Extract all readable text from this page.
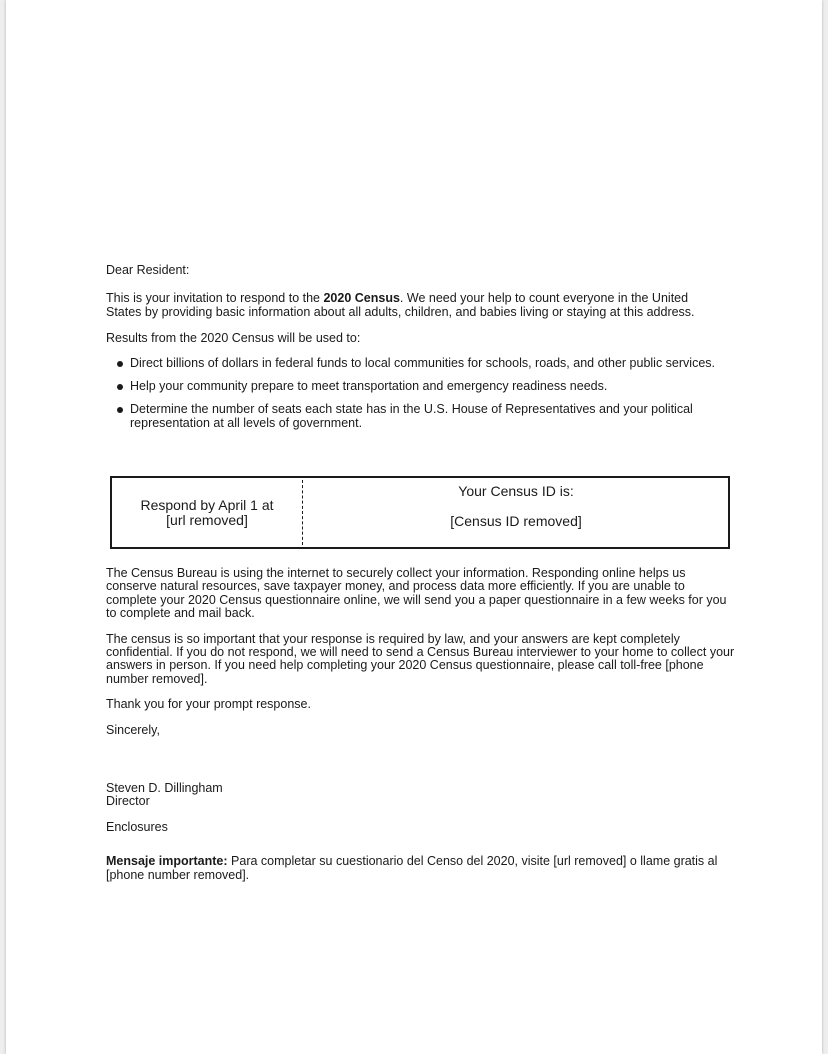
Dear Resident:

This is your invitation to respond to the 2020 Census. We need your help to count everyone in the United States by providing basic information about all adults, children, and babies living or staying at this address.

Results from the 2020 Census will be used to:

Direct billions of dollars in federal funds to local communities for schools, roads, and other public services.
Help your community prepare to meet transportation and emergency readiness needs.
Determine the number of seats each state has in the U.S. House of Representatives and your political representation at all levels of government.
Respond by April 1 at
[url removed]
Your Census ID is:
[Census ID removed]

The Census Bureau is using the internet to securely collect your information. Responding online helps us conserve natural resources, save taxpayer money, and process data more efficiently. If you are unable to complete your 2020 Census questionnaire online, we will send you a paper questionnaire in a few weeks for you to complete and mail back.

The census is so important that your response is required by law, and your answers are kept completely confidential. If you do not respond, we will need to send a Census Bureau interviewer to your home to collect your answers in person. If you need help completing your 2020 Census questionnaire, please call toll-free [phone number removed].

Thank you for your prompt response.

Sincerely,

Steven D. Dillingham
Director

Enclosures

Mensaje importante: Para completar su cuestionario del Censo del 2020, visite [url removed] o llame gratis al [phone number removed].
